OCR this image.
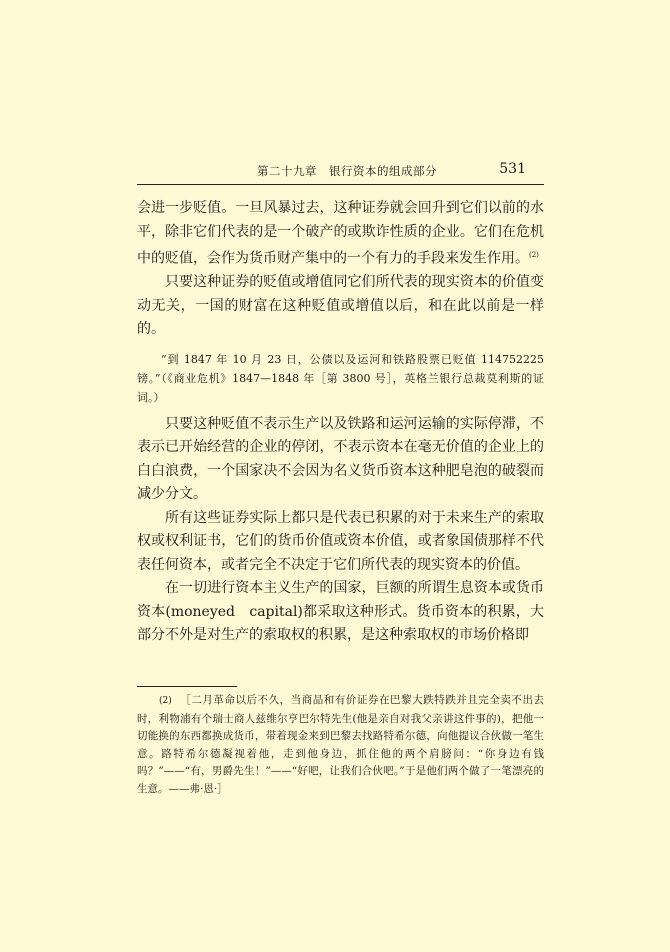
第二十九章　银行资本的组成部分	531

会进一步贬值。一旦风暴过去，这种证券就会回升到它们以前的水平，除非它们代表的是一个破产的或欺诈性质的企业。它们在危机中的贬值，会作为货币财产集中的一个有力的手段来发生作用。$^{(2)}$

只要这种证券的贬值或增值同它们所代表的现实资本的价值变动无关，一国的财富在这种贬值或增值以后，和在此以前是一样的。

“到 1847 年 10 月 23 日，公债以及运河和铁路股票已贬值 114752225 镑。”（《商业危机》1847—1848 年［第 3800 号］，英格兰银行总裁莫利斯的证词。）

只要这种贬值不表示生产以及铁路和运河运输的实际停滞，不表示已开始经营的企业的停闭，不表示资本在毫无价值的企业上的白白浪费，一个国家决不会因为名义货币资本这种肥皂泡的破裂而减少分文。

所有这些证券实际上都只是代表已积累的对于未来生产的索取权或权利证书，它们的货币价值或资本价值，或者象国债那样不代表任何资本，或者完全不决定于它们所代表的现实资本的价值。

在一切进行资本主义生产的国家，巨额的所谓生息资本或货币资本(moneyed　capital)都采取这种形式。货币资本的积累，大部分不外是对生产的索取权的积累，是这种索取权的市场价格即

(2) ［二月革命以后不久，当商品和有价证券在巴黎大跌特跌并且完全卖不出去时，利物浦有个瑞士商人兹维尔亨巴尔特先生(他是亲自对我父亲讲这件事的)，把他一切能换的东西都换成货币，带着现金来到巴黎去找路特希尔德，向他提议合伙做一笔生意。路特希尔德凝视着他，走到他身边，抓住他的两个肩膀问：“你身边有钱吗？”——“有，男爵先生！”——“好吧，让我们合伙吧。”于是他们两个做了一笔漂亮的生意。——弗·恩·］
